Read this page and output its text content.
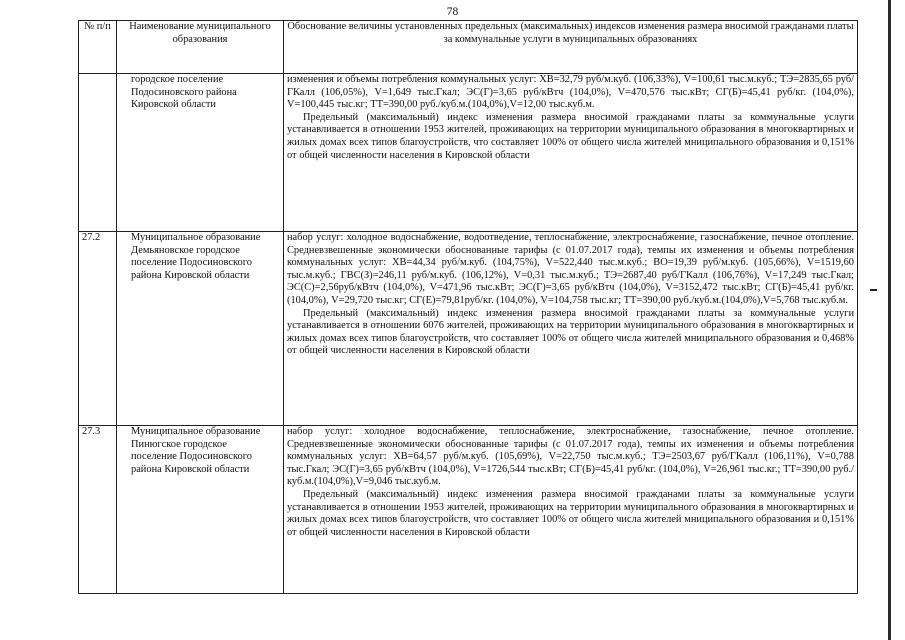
78
№ п/п	Наименование муниципального образования	Обоснование величины установленных предельных (максимальных) индексов изменения размера вносимой гражданами платы за коммунальные услуги в муниципальных образованиях
	городское поселение Подосиновского района Кировской области	изменения и объемы потребления коммунальных услуг: ХВ=32,79 руб/м.куб. (106,33%), V=100,61 тыс.м.куб.; ТЭ=2835,65 руб/ГКалл (106,05%), V=1,649 тыс.Гкал; ЭС(Г)=3,65 руб/кВтч (104,0%), V=470,576 тыс.кВт; СГ(Б)=45,41 руб/кг. (104,0%), V=100,445 тыс.кг; ТТ=390,00 руб./куб.м.(104,0%),V=12,00 тыс.куб.м.
Предельный (максимальный) индекс изменения размера вносимой гражданами платы за коммунальные услуги устанавливается в отношении 1953 жителей, проживающих на территории муниципального образования в многоквартирных и жилых домах всех типов благоустройств, что составляет 100% от общего числа жителей мниципального образования и 0,151% от общей численности населения в Кировской области

27.2	Муниципальное образование Демьяновское городское поселение Подосиновского района Кировской области	набор услуг: холодное водоснабжение, водоотведение, теплоснабжение, электроснабжение, газоснабжение, печное отопление. Средневзвешенные экономически обоснованные тарифы (с 01.07.2017 года), темпы их изменения и объемы потребления коммунальных услуг: ХВ=44,34 руб/м.куб. (104,75%), V=522,440 тыс.м.куб.; ВО=19,39 руб/м.куб. (105,66%), V=1519,60 тыс.м.куб.; ГВС(З)=246,11 руб/м.куб. (106,12%), V=0,31 тыс.м.куб.; ТЭ=2687,40 руб/ГКалл (106,76%), V=17,249 тыс.Гкал; ЭС(С)=2,56руб/кВтч (104,0%), V=471,96 тыс.кВт; ЭС(Г)=3,65 руб/кВтч (104,0%), V=3152,472 тыс.кВт; СГ(Б)=45,41 руб/кг. (104,0%), V=29,720 тыс.кг; СГ(Е)=79,81руб/кг. (104,0%), V=104,758 тыс.кг; ТТ=390,00 руб./куб.м.(104,0%),V=5,768 тыс.куб.м.
Предельный (максимальный) индекс изменения размера вносимой гражданами платы за коммунальные услуги устанавливается в отношении 6076 жителей, проживающих на территории муниципального образования в многоквартирных и жилых домах всех типов благоустройств, что составляет 100% от общего числа жителей мниципального образования и 0,468% от общей численности населения в Кировской области

27.3	Муниципальное образование Пинюгское городское поселение Подосиновского района Кировской области	набор услуг: холодное водоснабжение, теплоснабжение, электроснабжение, газоснабжение, печное отопление. Средневзвешенные экономически обоснованные тарифы (с 01.07.2017 года), темпы их изменения и объемы потребления коммунальных услуг: ХВ=64,57 руб/м.куб. (105,69%), V=22,750 тыс.м.куб.; ТЭ=2503,67 руб/ГКалл (106,11%), V=0,788 тыс.Гкал; ЭС(Г)=3,65 руб/кВтч (104,0%), V=1726,544 тыс.кВт; СГ(Б)=45,41 руб/кг. (104,0%), V=26,961 тыс.кг.; ТТ=390,00 руб./куб.м.(104,0%),V=9,046 тыс.куб.м.
Предельный (максимальный) индекс изменения размера вносимой гражданами платы за коммунальные услуги устанавливается в отношении 1953 жителей, проживающих на территории муниципального образования в многоквартирных и жилых домах всех типов благоустройств, что составляет 100% от общего числа жителей мниципального образования и 0,151% от общей численности населения в Кировской области
